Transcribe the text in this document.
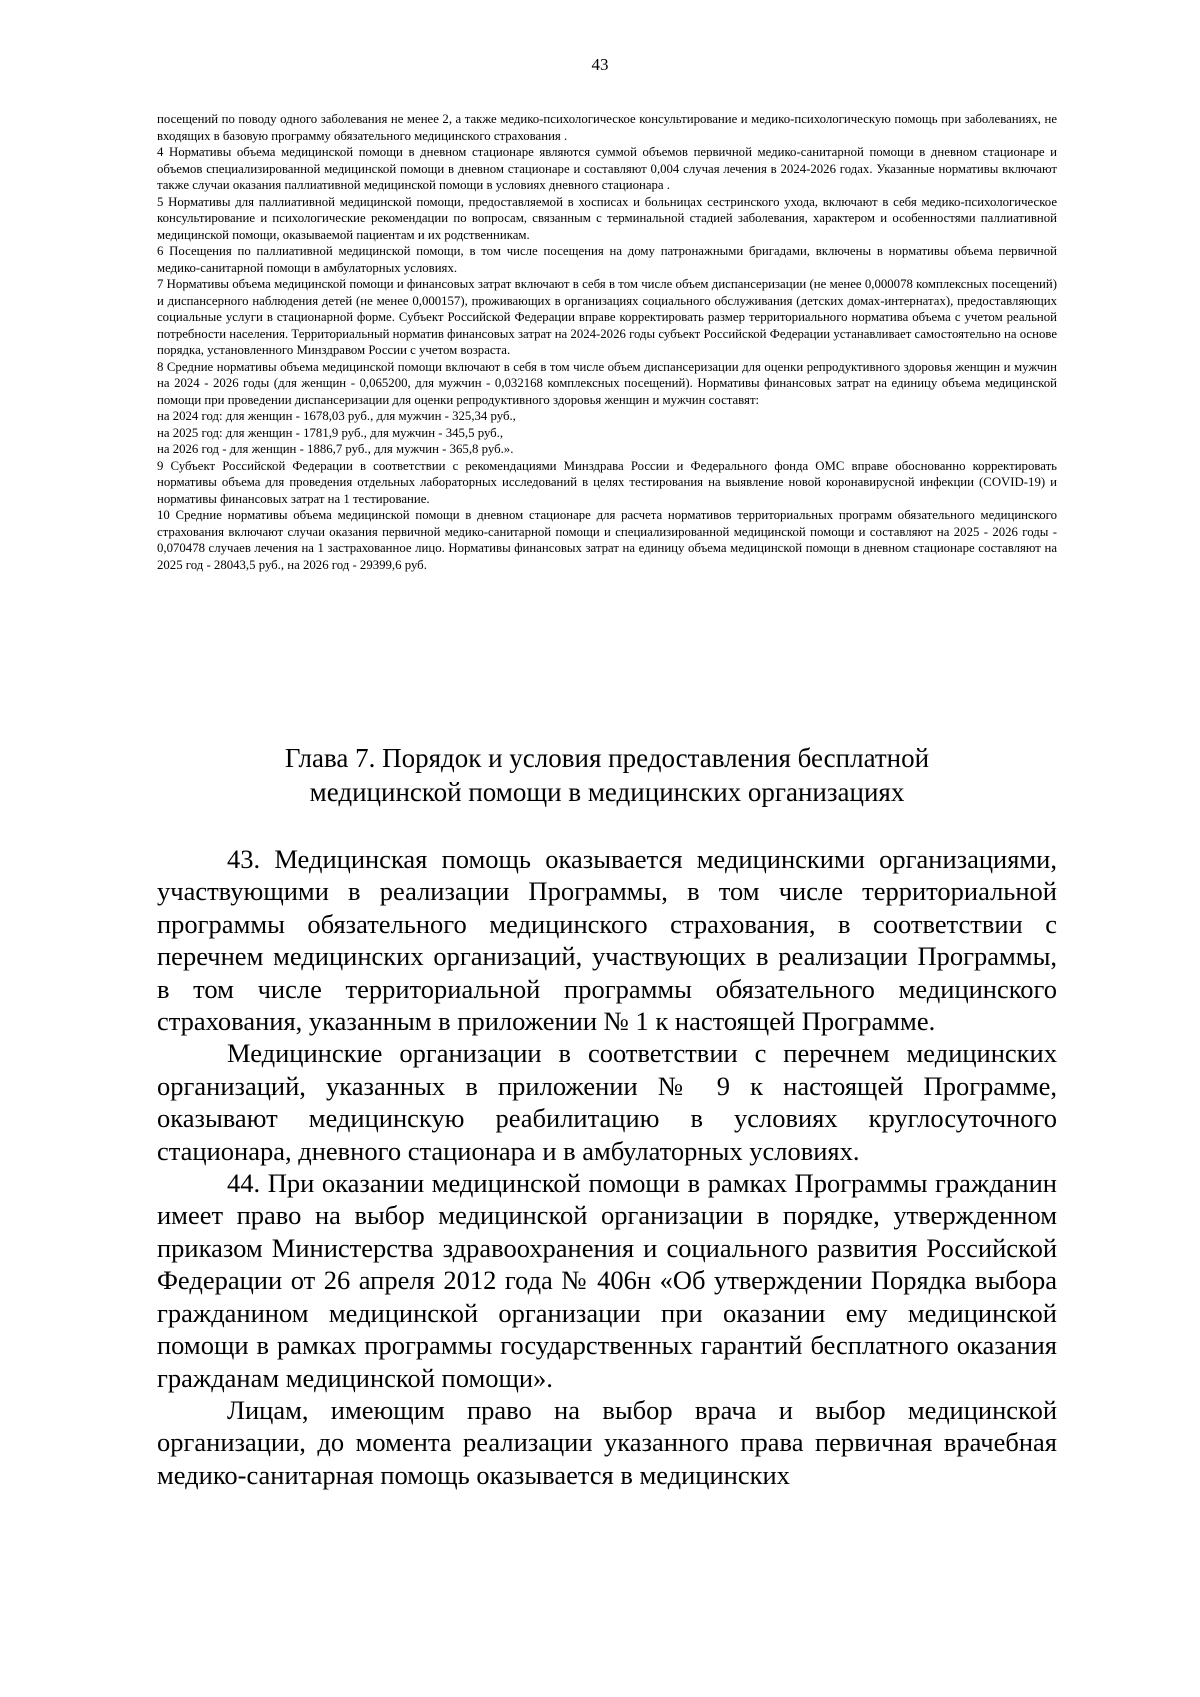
43

посещений по поводу одного заболевания не менее 2, а также медико-психологическое консультирование и медико-психологическую помощь при заболеваниях, не входящих в базовую программу обязательного медицинского страхования .

4 Нормативы объема медицинской помощи в дневном стационаре являются суммой объемов первичной медико-санитарной помощи в дневном стационаре и объемов специализированной медицинской помощи в дневном стационаре и составляют 0,004 случая лечения в 2024-2026 годах. Указанные нормативы включают также случаи оказания паллиативной медицинской помощи в условиях дневного стационара .

5 Нормативы для паллиативной медицинской помощи, предоставляемой в хосписах и больницах сестринского ухода, включают в себя медико-психологическое консультирование и психологические рекомендации по вопросам, связанным с терминальной стадией заболевания, характером и особенностями паллиативной медицинской помощи, оказываемой пациентам и их родственникам.

6 Посещения по паллиативной медицинской помощи, в том числе посещения на дому патронажными бригадами, включены в нормативы объема первичной медико-санитарной помощи в амбулаторных условиях.

7 Нормативы объема медицинской помощи и финансовых затрат включают в себя в том числе объем диспансеризации (не менее 0,000078 комплексных посещений) и диспансерного наблюдения детей (не менее 0,000157), проживающих в организациях социального обслуживания (детских домах-интернатах), предоставляющих социальные услуги в стационарной форме. Субъект Российской Федерации вправе корректировать размер территориального норматива объема с учетом реальной потребности населения. Территориальный норматив финансовых затрат на 2024-2026 годы субъект Российской Федерации устанавливает самостоятельно на основе порядка, установленного Минздравом России с учетом возраста.

8 Средние нормативы объема медицинской помощи включают в себя в том числе объем диспансеризации для оценки репродуктивного здоровья женщин и мужчин на 2024 - 2026 годы (для женщин - 0,065200, для мужчин - 0,032168 комплексных посещений). Нормативы финансовых затрат на единицу объема медицинской помощи при проведении диспансеризации для оценки репродуктивного здоровья женщин и мужчин составят:

на 2024 год: для женщин - 1678,03 руб., для мужчин - 325,34 руб.,

на 2025 год: для женщин - 1781,9 руб., для мужчин - 345,5 руб.,

на 2026 год - для женщин - 1886,7 руб., для мужчин - 365,8 руб.».

9 Субъект Российской Федерации в соответствии с рекомендациями Минздрава России и Федерального фонда ОМС вправе обоснованно корректировать нормативы объема для проведения отдельных лабораторных исследований в целях тестирования на выявление новой коронавирусной инфекции (COVID-19) и нормативы финансовых затрат на 1 тестирование.

10 Средние нормативы объема медицинской помощи в дневном стационаре для расчета нормативов территориальных программ обязательного медицинского страхования включают случаи оказания первичной медико-санитарной помощи и специализированной медицинской помощи и составляют на 2025 - 2026 годы - 0,070478 случаев лечения на 1 застрахованное лицо. Нормативы финансовых затрат на единицу объема медицинской помощи в дневном стационаре составляют на 2025 год - 28043,5 руб., на 2026 год - 29399,6 руб.

Глава 7. Порядок и условия предоставления бесплатной
медицинской помощи в медицинских организациях

43. Медицинская помощь оказывается медицинскими организациями, участвующими в реализации Программы, в том числе территориальной программы обязательного медицинского страхования, в соответствии с перечнем медицинских организаций, участвующих в реализации Программы, в том числе территориальной программы обязательного медицинского страхования, указанным в приложении № 1 к настоящей Программе.

Медицинские организации в соответствии с перечнем медицинских организаций, указанных в приложении № 9 к настоящей Программе, оказывают медицинскую реабилитацию в условиях круглосуточного стационара, дневного стационара и в амбулаторных условиях.

44. При оказании медицинской помощи в рамках Программы гражданин имеет право на выбор медицинской организации в порядке, утвержденном приказом Министерства здравоохранения и социального развития Российской Федерации от 26 апреля 2012 года № 406н «Об утверждении Порядка выбора гражданином медицинской организации при оказании ему медицинской помощи в рамках программы государственных гарантий бесплатного оказания гражданам медицинской помощи».

Лицам, имеющим право на выбор врача и выбор медицинской организации, до момента реализации указанного права первичная врачебная медико-санитарная помощь оказывается в медицинских
